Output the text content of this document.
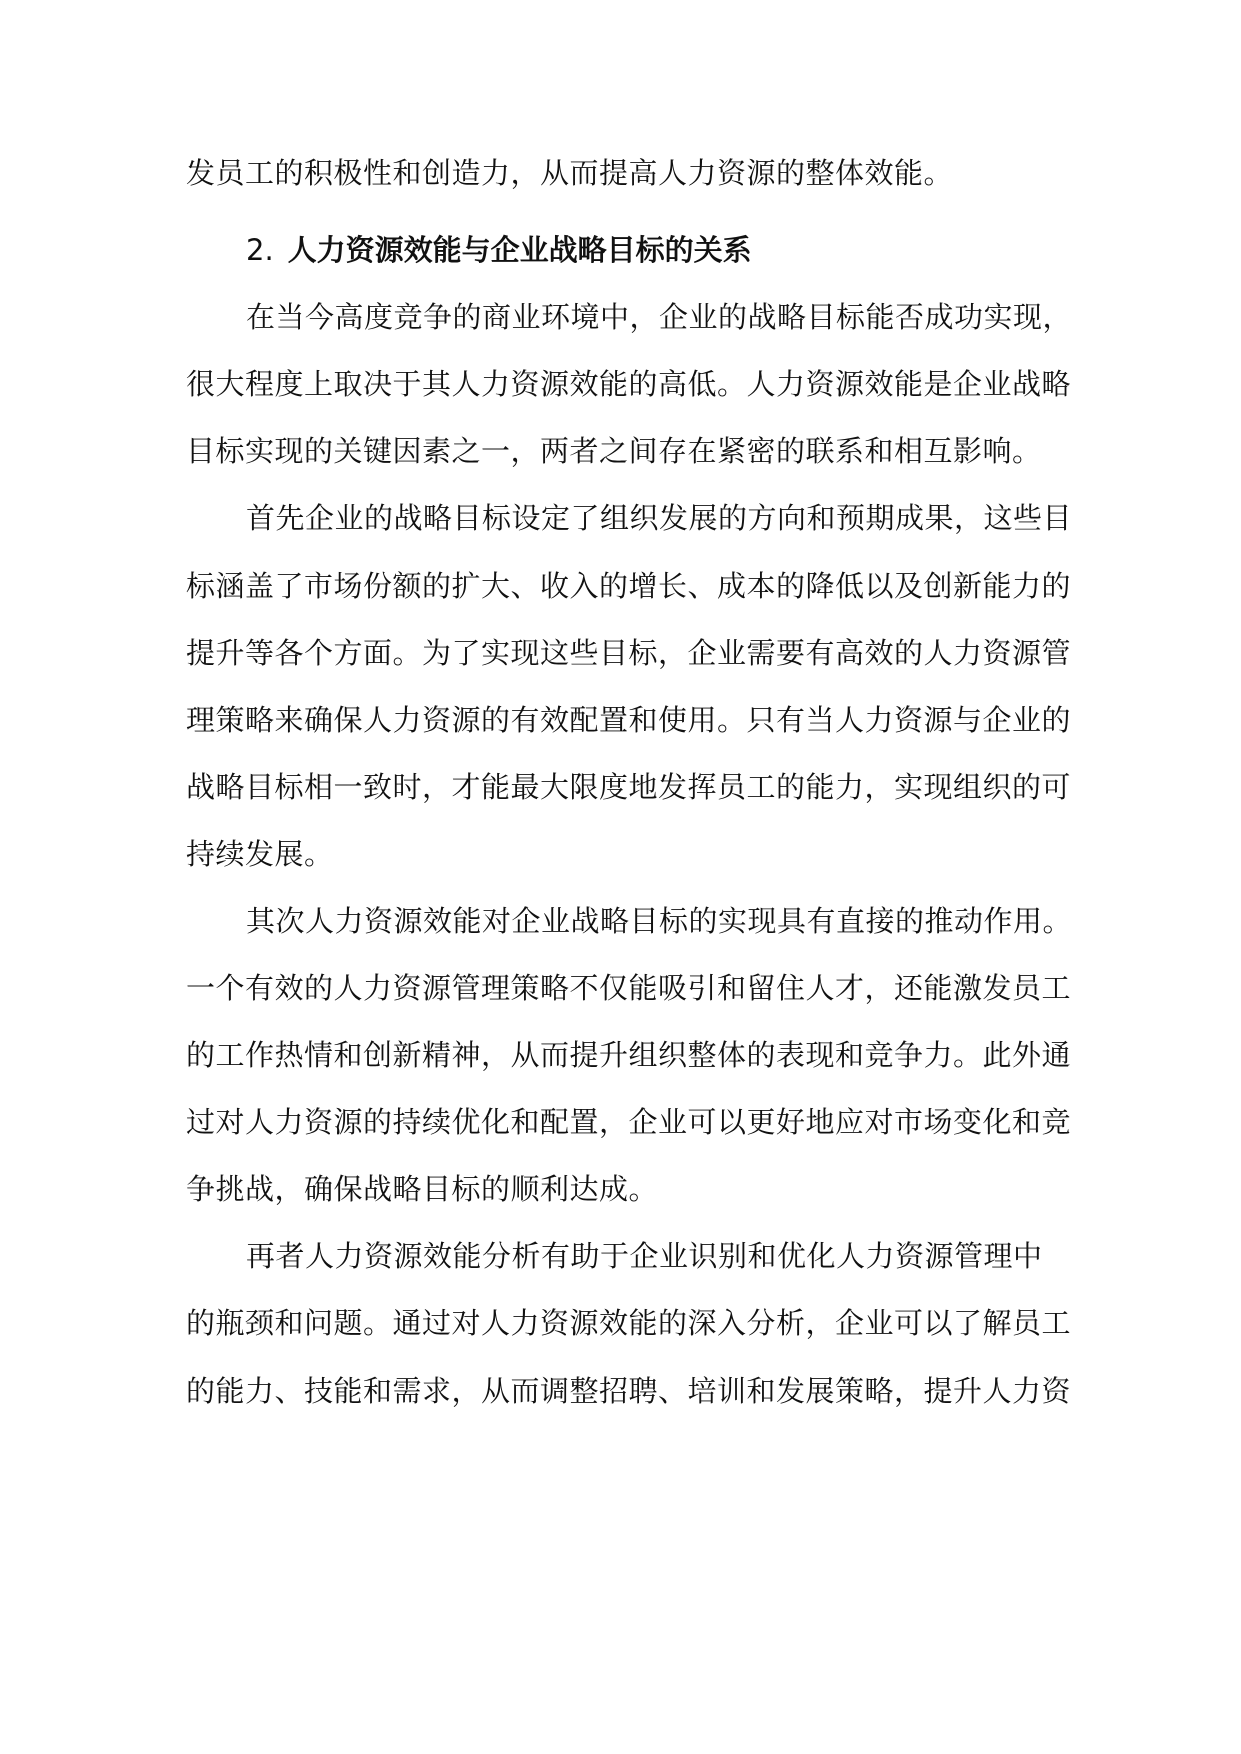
发员工的积极性和创造力，从而提高人力资源的整体效能。
2. 人力资源效能与企业战略目标的关系
在当今高度竞争的商业环境中，企业的战略目标能否成功实现，
很大程度上取决于其人力资源效能的高低。人力资源效能是企业战略
目标实现的关键因素之一，两者之间存在紧密的联系和相互影响。
首先企业的战略目标设定了组织发展的方向和预期成果，这些目
标涵盖了市场份额的扩大、收入的增长、成本的降低以及创新能力的
提升等各个方面。为了实现这些目标，企业需要有高效的人力资源管
理策略来确保人力资源的有效配置和使用。只有当人力资源与企业的
战略目标相一致时，才能最大限度地发挥员工的能力，实现组织的可
持续发展。
其次人力资源效能对企业战略目标的实现具有直接的推动作用。
一个有效的人力资源管理策略不仅能吸引和留住人才，还能激发员工
的工作热情和创新精神，从而提升组织整体的表现和竞争力。此外通
过对人力资源的持续优化和配置，企业可以更好地应对市场变化和竞
争挑战，确保战略目标的顺利达成。
再者人力资源效能分析有助于企业识别和优化人力资源管理中
的瓶颈和问题。通过对人力资源效能的深入分析，企业可以了解员工
的能力、技能和需求，从而调整招聘、培训和发展策略，提升人力资
